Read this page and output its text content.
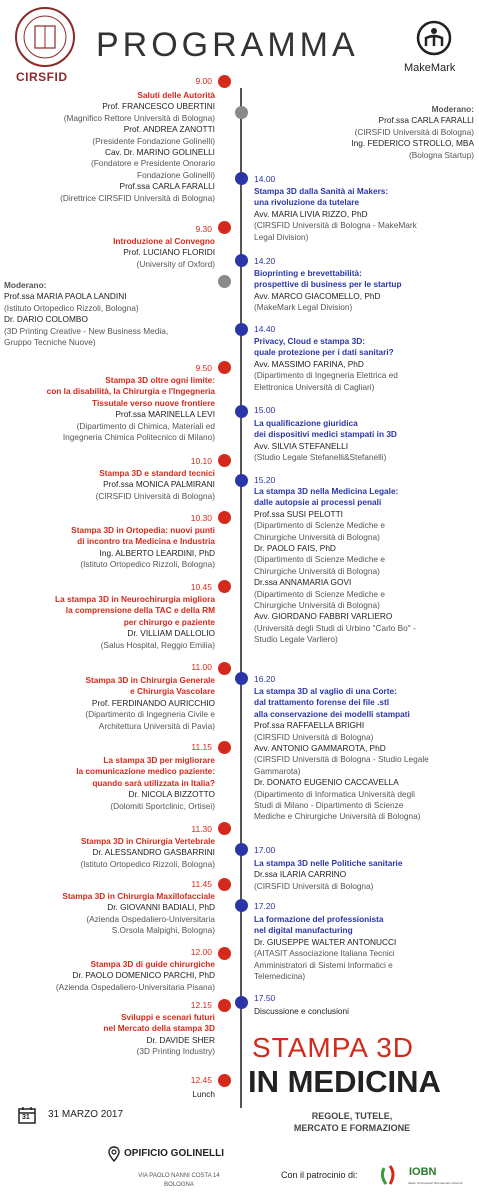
CIRSFID
PROGRAMMA
MakeMark
9.00
9.30
9.50
10.10
10.30
10.45
11.00
11.15
11.30
11.45
12.00
12.15
12.45
14.00
14.20
14.40
15.00
15.20
16.20
17.00
17.20
17.50
Saluti delle Autorità
Prof. FRANCESCO UBERTINI
(Magnifico Rettore Università di Bologna)
Prof. ANDREA ZANOTTI
(Presidente Fondazione Golinelli)
Cav. Dr. MARINO GOLINELLI
(Fondatore e Presidente Onorario
Fondazione Golinelli)
Prof.ssa CARLA FARALLI
(Direttrice CIRSFID Università di Bologna)
Introduzione al Convegno
Prof. LUCIANO FLORIDI
(University of Oxford)
Moderano:
Prof.ssa MARIA PAOLA LANDINI
(Istituto Ortopedico Rizzoli, Bologna)
Dr. DARIO COLOMBO
(3D Printing Creative - New Business Media,
Gruppo Tecniche Nuove)
Stampa 3D oltre ogni limite:
con la disabilità, la Chirurgia e l'Ingegneria
Tissutale verso nuove frontiere
Prof.ssa MARINELLA LEVI
(Dipartimento di Chimica, Materiali ed
Ingegneria Chimica Politecnico di Milano)
Stampa 3D e standard tecnici
Prof.ssa MONICA PALMIRANI
(CIRSFID Università di Bologna)
Stampa 3D in Ortopedia: nuovi punti
di incontro tra Medicina e Industria
Ing. ALBERTO LEARDINI, PhD
(Istituto Ortopedico Rizzoli, Bologna)
La stampa 3D in Neurochirurgia migliora
la comprensione della TAC e della RM
per chirurgo e paziente
Dr. VILLIAM DALLOLIO
(Salus Hospital, Reggio Emilia)
Stampa 3D in Chirurgia Generale
e Chirurgia Vascolare
Prof. FERDINANDO AURICCHIO
(Dipartimento di Ingegneria Civile e
Architettura Università di Pavia)
La stampa 3D per migliorare
la comunicazione medico paziente:
quando sarà utilizzata in Italia?
Dr. NICOLA BIZZOTTO
(Dolomiti Sportclinic, Ortisei)
Stampa 3D in Chirurgia Vertebrale
Dr. ALESSANDRO GASBARRINI
(Istituto Ortopedico Rizzoli, Bologna)
Stampa 3D in Chirurgia Maxillofacciale
Dr. GIOVANNI BADIALI, PhD
(Azienda Ospedaliero-Universitaria
S.Orsola Malpighi, Bologna)
Stampa 3D di guide chirurgiche
Dr. PAOLO DOMENICO PARCHI, PhD
(Azienda Ospedaliero-Universitaria Pisana)
Sviluppi e scenari futuri
nel Mercato della stampa 3D
Dr. DAVIDE SHER
(3D Printing Industry)
Lunch
Moderano:
Prof.ssa CARLA FARALLI
(CIRSFID Università di Bologna)
Ing. FEDERICO STROLLO, MBA
(Bologna Startup)
Stampa 3D dalla Sanità ai Makers:
una rivoluzione da tutelare
Avv. MARIA LIVIA RIZZO, PhD
(CIRSFID Università di Bologna - MakeMark
Legal Division)
Bioprinting e brevettabilità:
prospettive di business per le startup
Avv. MARCO GIACOMELLO, PhD
(MakeMark Legal Division)
Privacy, Cloud e stampa 3D:
quale protezione per i dati sanitari?
Avv. MASSIMO FARINA, PhD
(Dipartimento di Ingegneria Elettrica ed
Elettronica Università di Cagliari)
La qualificazione giuridica
dei dispositivi medici stampati in 3D
Avv. SILVIA STEFANELLI
(Studio Legale Stefanelli&Stefanelli)
La stampa 3D nella Medicina Legale:
dalle autopsie ai processi penali
Prof.ssa SUSI PELOTTI
(Dipartimento di Scienze Mediche e
Chirurgiche Università di Bologna)
Dr. PAOLO FAIS, PhD
(Dipartimento di Scienze Mediche e
Chirurgiche Università di Bologna)
Dr.ssa ANNAMARIA GOVI
(Dipartimento di Scienze Mediche e
Chirurgiche Università di Bologna)
Avv. GIORDANO FABBRI VARLIERO
(Università degli Studi di Urbino "Carlo Bo" -
Studio Legale Varliero)
La stampa 3D al vaglio di una Corte:
dal trattamento forense dei file .stl
alla conservazione dei modelli stampati
Prof.ssa RAFFAELLA BRIGHI
(CIRSFID Università di Bologna)
Avv. ANTONIO GAMMAROTA, PhD
(CIRSFID Università di Bologna - Studio Legale
Gammarota)
Dr. DONATO EUGENIO CACCAVELLA
(Dipartimento di Informatica Università degli
Studi di Milano - Dipartimento di Scienze
Mediche e Chirurgiche Università di Bologna)
La stampa 3D nelle Politiche sanitarie
Dr.ssa ILARIA CARRINO
(CIRSFID Università di Bologna)
La formazione del professionista
nel digital manufacturing
Dr. GIUSEPPE WALTER ANTONUCCI
(AITASIT Associazione Italiana Tecnici
Amministratori di Sistemi Informatici e
Telemedicina)
Discussione e conclusioni
STAMPA 3D
IN MEDICINA
REGOLE, TUTELE,
MERCATO E FORMAZIONE
31 31 MARZO 2017
OPIFICIO GOLINELLI
VIA PAOLO NANNI COSTA 14
BOLOGNA
Con il patrocinio di:	IOBN
Italian Orthopaedic Biomaterials Network
